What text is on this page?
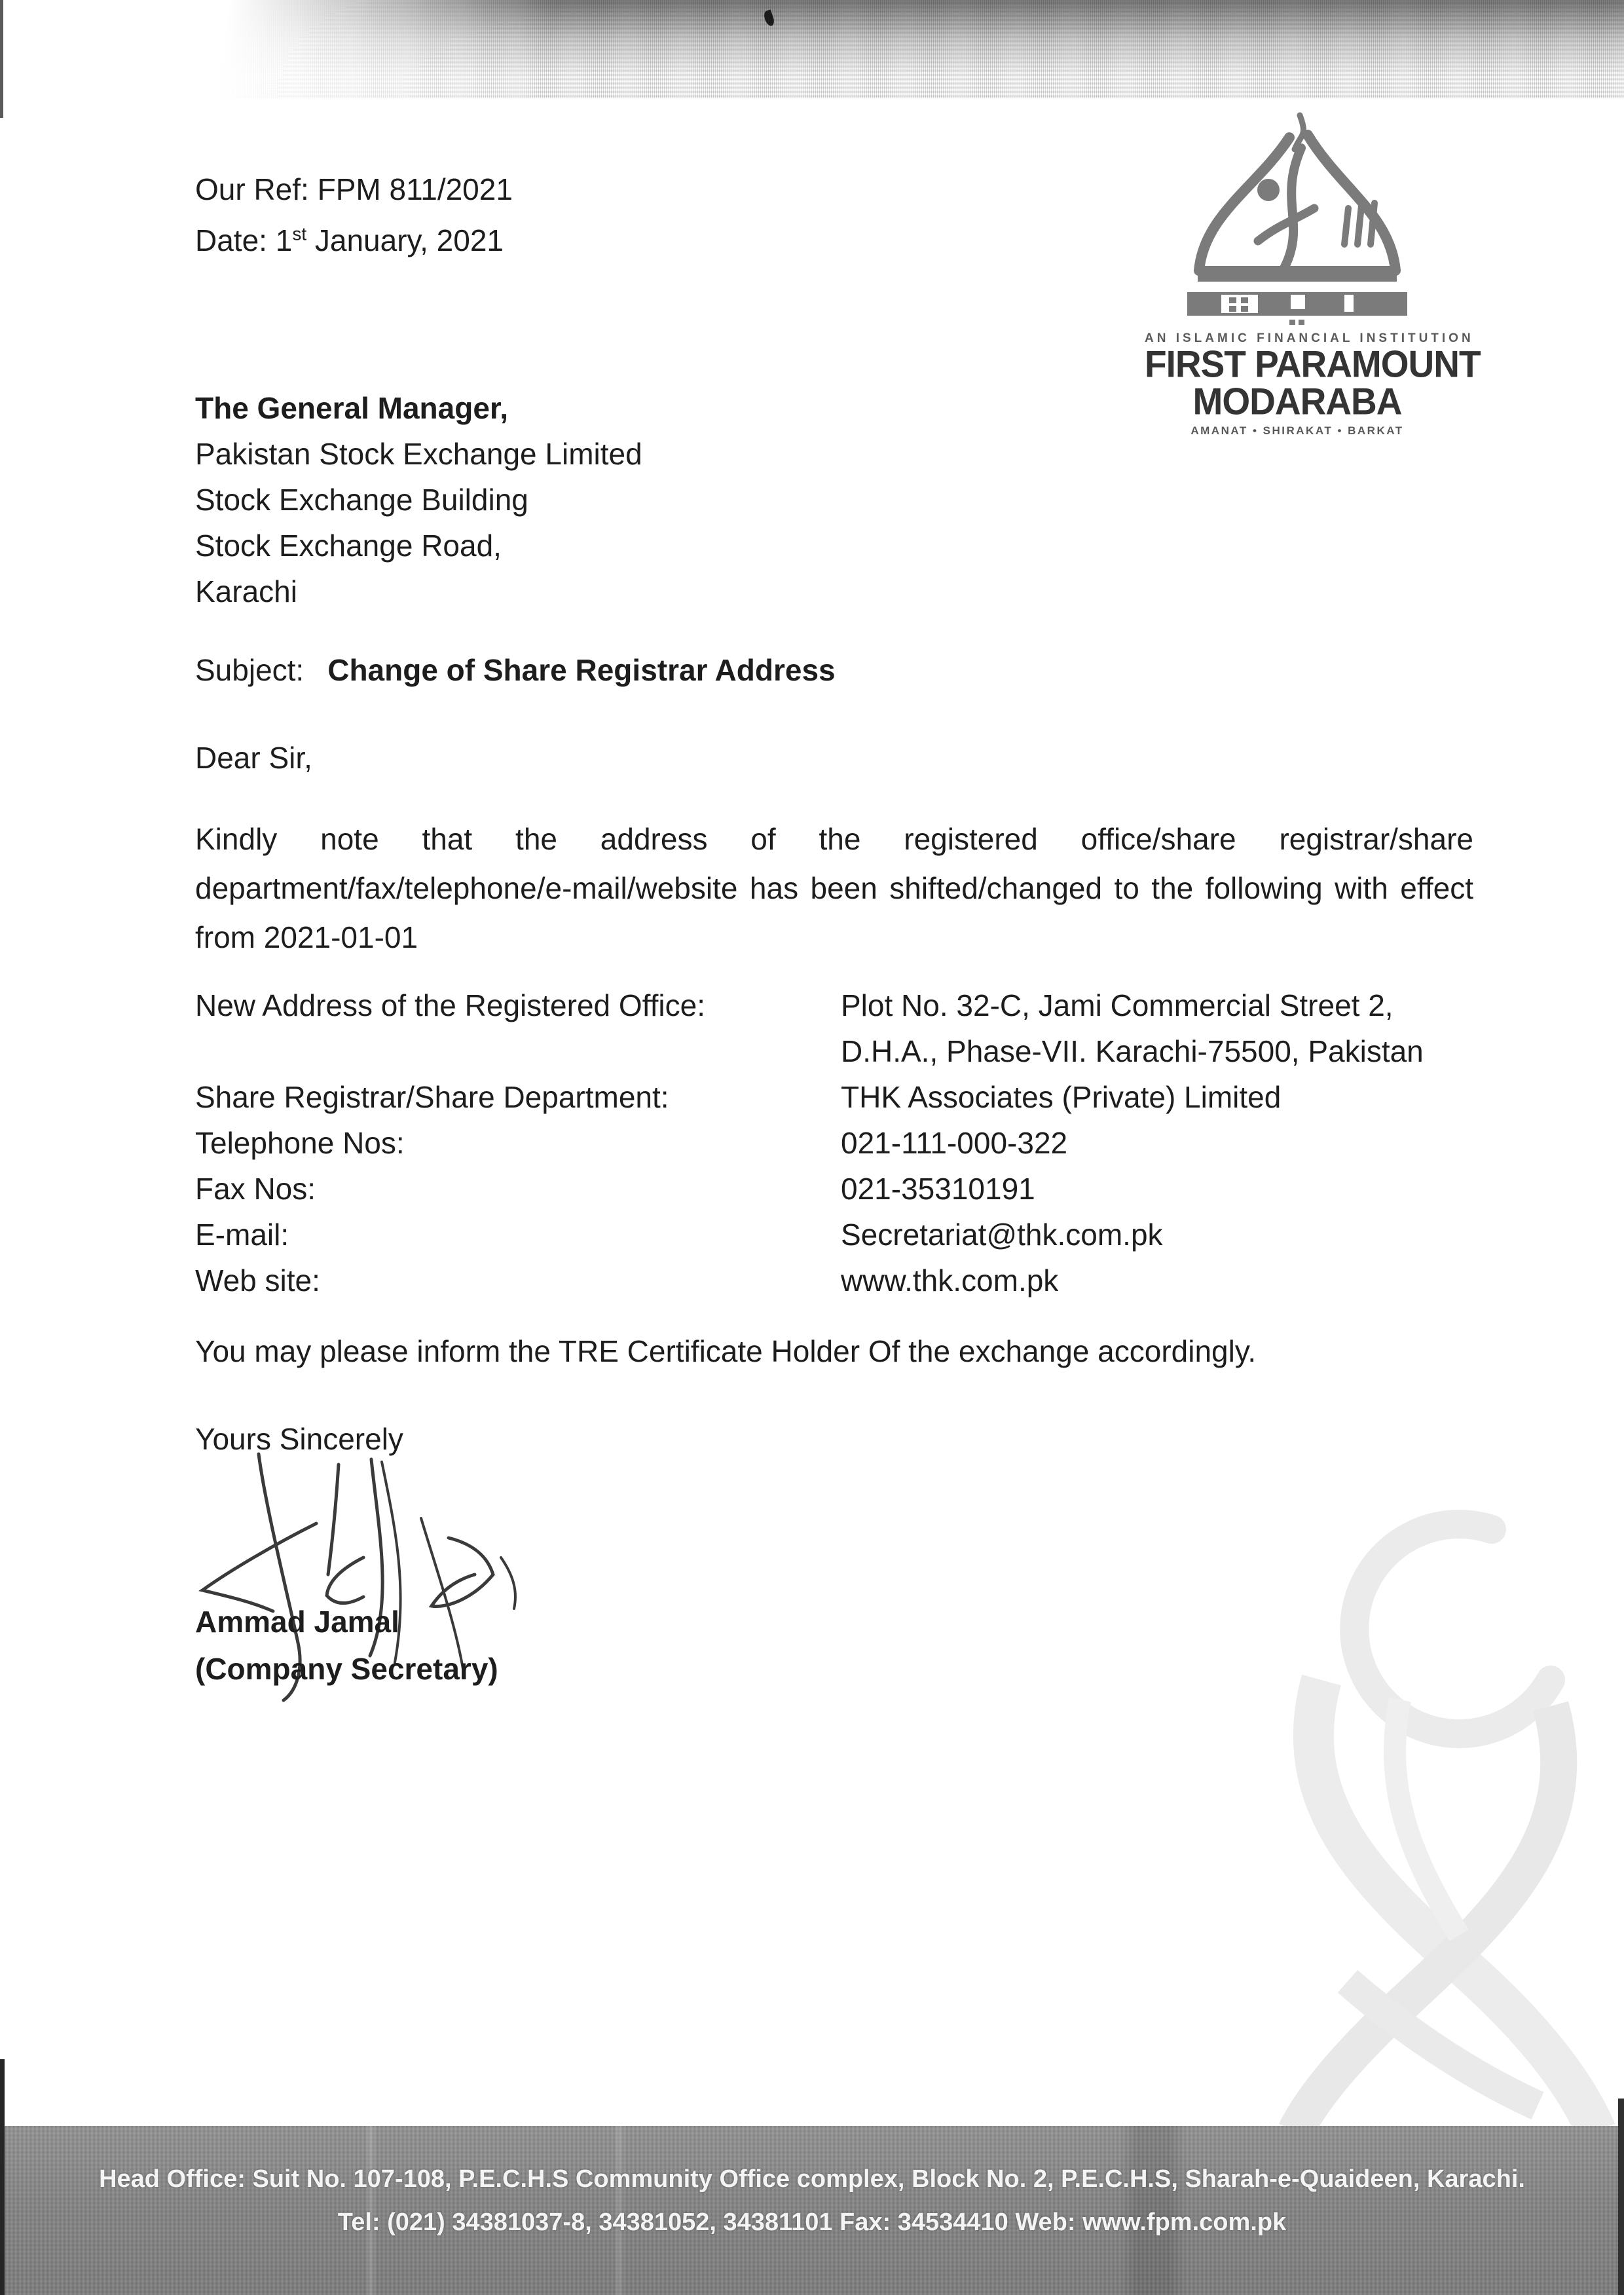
Our Ref: FPM 811/2021
Date: 1st January, 2021
AN ISLAMIC FINANCIAL INSTITUTION
FIRST PARAMOUNT
MODARABA
AMANAT • SHIRAKAT • BARKAT
The General Manager,
Pakistan Stock Exchange Limited
Stock Exchange Building
Stock Exchange Road,
Karachi
Subject: Change of Share Registrar Address
Dear Sir,
Kindly note that the address of the registered office/share registrar/share department/fax/telephone/e-mail/website has been shifted/changed to the following with effect from 2021-01-01
New Address of the Registered Office:	Plot No. 32-C, Jami Commercial Street 2,
D.H.A., Phase-VII. Karachi-75500, Pakistan
Share Registrar/Share Department:	THK Associates (Private) Limited
Telephone Nos:	021-111-000-322
Fax Nos:	021-35310191
E-mail:	Secretariat@thk.com.pk
Web site:	www.thk.com.pk
You may please inform the TRE Certificate Holder Of the exchange accordingly.
Yours Sincerely
Ammad Jamal
(Company Secretary)
Head Office: Suit No. 107-108, P.E.C.H.S Community Office complex, Block No. 2, P.E.C.H.S, Sharah-e-Quaideen, Karachi.
Tel: (021) 34381037-8, 34381052, 34381101 Fax: 34534410 Web: www.fpm.com.pk
